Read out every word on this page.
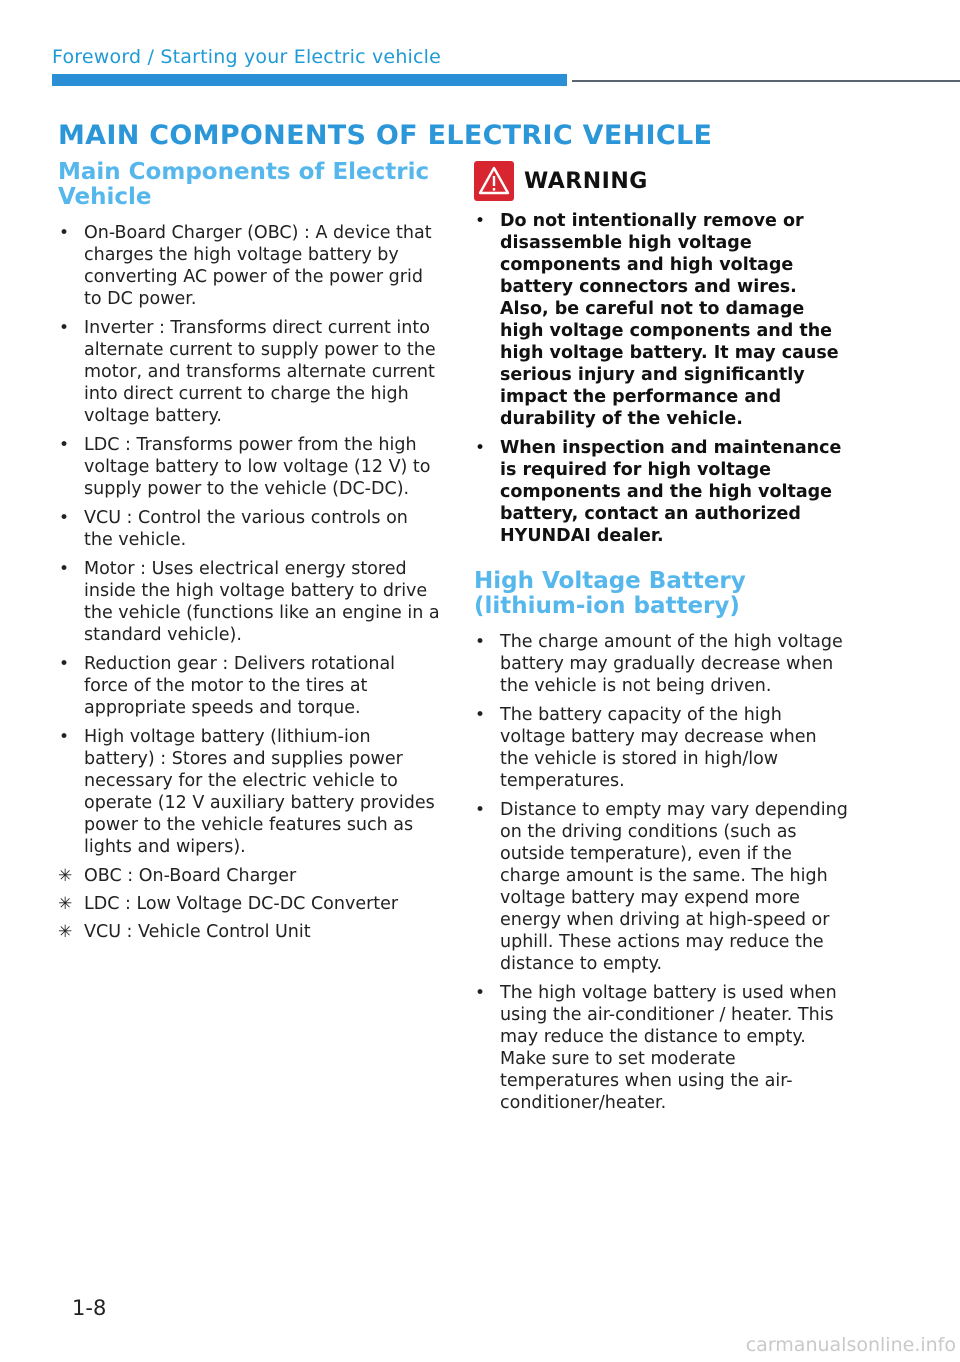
Foreword / Starting your Electric vehicle
MAIN COMPONENTS OF ELECTRIC VEHICLE
Main Components of Electric Vehicle
• On-Board Charger (OBC) : A device that charges the high voltage battery by converting AC power of the power grid to DC power.
• Inverter : Transforms direct current into alternate current to supply power to the motor, and transforms alternate current into direct current to charge the high voltage battery.
• LDC : Transforms power from the high voltage battery to low voltage (12 V) to supply power to the vehicle (DC-DC).
• VCU : Control the various controls on the vehicle.
• Motor : Uses electrical energy stored inside the high voltage battery to drive the vehicle (functions like an engine in a standard vehicle).
• Reduction gear : Delivers rotational force of the motor to the tires at appropriate speeds and torque.
• High voltage battery (lithium-ion battery) : Stores and supplies power necessary for the electric vehicle to operate (12 V auxiliary battery provides power to the vehicle features such as lights and wipers).
✳ OBC : On-Board Charger
✳ LDC : Low Voltage DC-DC Converter
✳ VCU : Vehicle Control Unit
WARNING
• Do not intentionally remove or disassemble high voltage components and high voltage battery connectors and wires. Also, be careful not to damage high voltage components and the high voltage battery. It may cause serious injury and significantly impact the performance and durability of the vehicle.
• When inspection and maintenance is required for high voltage components and the high voltage battery, contact an authorized HYUNDAI dealer.
High Voltage Battery (lithium-ion battery)
• The charge amount of the high voltage battery may gradually decrease when the vehicle is not being driven.
• The battery capacity of the high voltage battery may decrease when the vehicle is stored in high/low temperatures.
• Distance to empty may vary depending on the driving conditions (such as outside temperature), even if the charge amount is the same. The high voltage battery may expend more energy when driving at high-speed or uphill. These actions may reduce the distance to empty.
• The high voltage battery is used when using the air-conditioner / heater. This may reduce the distance to empty. Make sure to set moderate temperatures when using the air-conditioner/heater.
1-8
carmanualsonline.info
